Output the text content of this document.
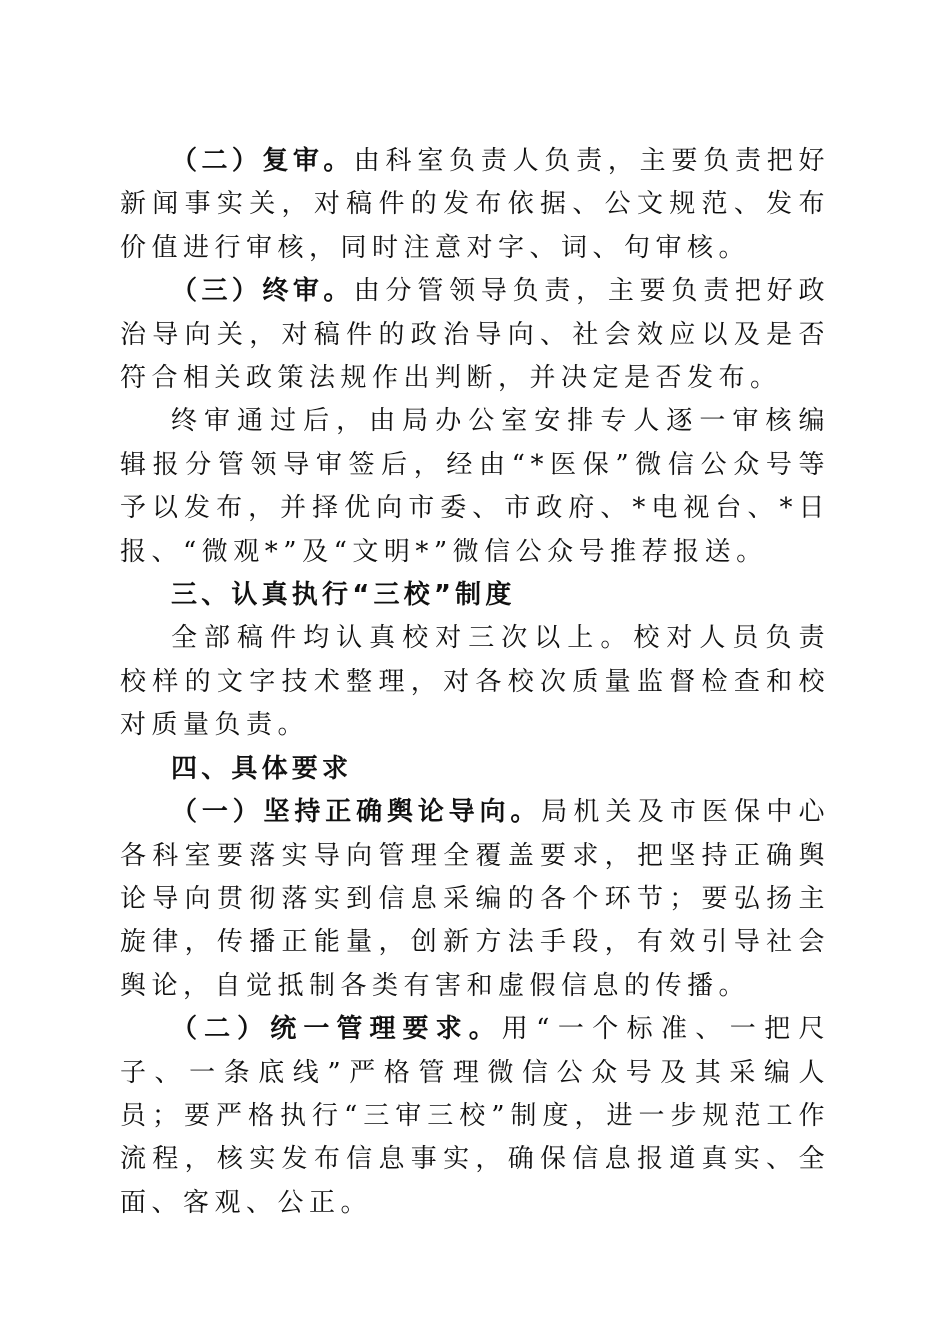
（二）复审。由科室负责人负责，主要负责把好新闻事实关，对稿件的发布依据、公文规范、发布价值进行审核，同时注意对字、词、句审核。

（三）终审。由分管领导负责，主要负责把好政治导向关，对稿件的政治导向、社会效应以及是否符合相关政策法规作出判断，并决定是否发布。

终审通过后，由局办公室安排专人逐一审核编辑报分管领导审签后，经由“*医保”微信公众号等予以发布，并择优向市委、市政府、*电视台、*日报、“微观*”及“文明*”微信公众号推荐报送。

三、认真执行“三校”制度

全部稿件均认真校对三次以上。校对人员负责校样的文字技术整理，对各校次质量监督检查和校对质量负责。

四、具体要求

（一）坚持正确舆论导向。局机关及市医保中心各科室要落实导向管理全覆盖要求，把坚持正确舆论导向贯彻落实到信息采编的各个环节；要弘扬主旋律，传播正能量，创新方法手段，有效引导社会舆论，自觉抵制各类有害和虚假信息的传播。

（二）统一管理要求。用“一个标准、一把尺子、一条底线”严格管理微信公众号及其采编人员；要严格执行“三审三校”制度，进一步规范工作流程，核实发布信息事实，确保信息报道真实、全面、客观、公正。
